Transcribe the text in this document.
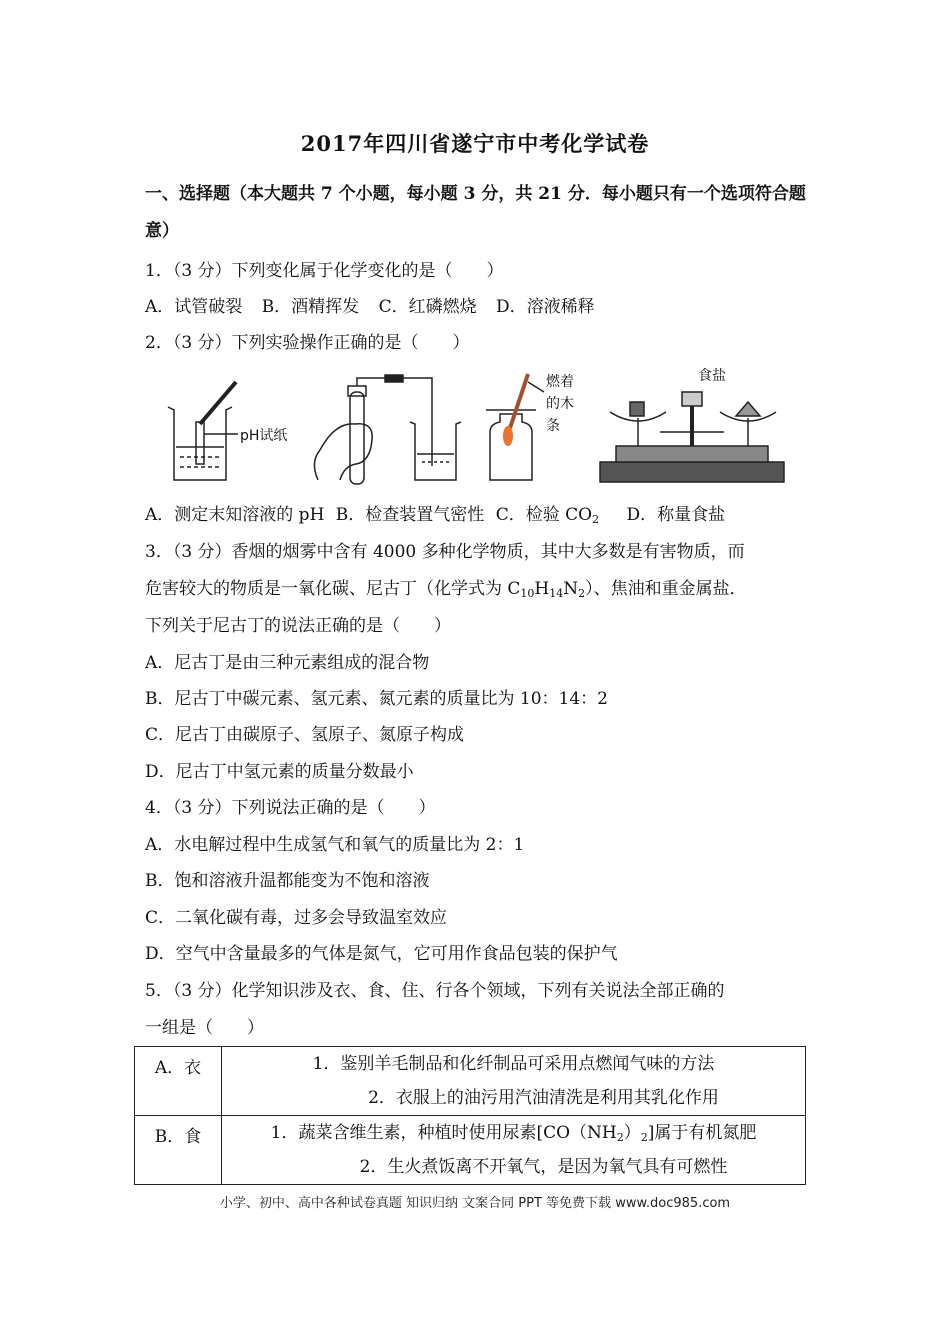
2017年四川省遂宁市中考化学试卷
一、选择题（本大题共 7 个小题，每小题 3 分，共 21 分．每小题只有一个选项符合题意）
1．（3 分）下列变化属于化学变化的是（　　）
A．试管破裂 B．酒精挥发 C．红磷燃烧 D．溶液稀释
2．（3 分）下列实验操作正确的是（　　）
pH试纸
燃着
的木
条
食盐
A．测定末知溶液的 pH B．检查装置气密性 C．检验 $CO_2$ D．称量食盐
3．（3 分）香烟的烟雾中含有 4000 多种化学物质，其中大多数是有害物质，而
危害较大的物质是一氧化碳、尼古丁（化学式为 $C_{10}H_{14}N_2$）、焦油和重金属盐．
下列关于尼古丁的说法正确的是（　　）
A．尼古丁是由三种元素组成的混合物
B．尼古丁中碳元素、氢元素、氮元素的质量比为 10：14：2
C．尼古丁由碳原子、氢原子、氮原子构成
D．尼古丁中氢元素的质量分数最小
4．（3 分）下列说法正确的是（　　）
A．水电解过程中生成氢气和氧气的质量比为 2：1
B．饱和溶液升温都能变为不饱和溶液
C．二氧化碳有毒，过多会导致温室效应
D．空气中含量最多的气体是氮气，它可用作食品包装的保护气
5．（3 分）化学知识涉及衣、食、住、行各个领域，下列有关说法全部正确的
一组是（　　）
A．衣	1．鉴别羊毛制品和化纤制品可采用点燃闻气味的方法
2．衣服上的油污用汽油清洗是利用其乳化作用

B．食	1．蔬菜含维生素，种植时使用尿素$[CO(NH_2)_2]$属于有机氮肥
2．生火煮饭离不开氧气，是因为氧气具有可燃性
小学、初中、高中各种试卷真题 知识归纳 文案合同 PPT 等免费下载 www.doc985.com
